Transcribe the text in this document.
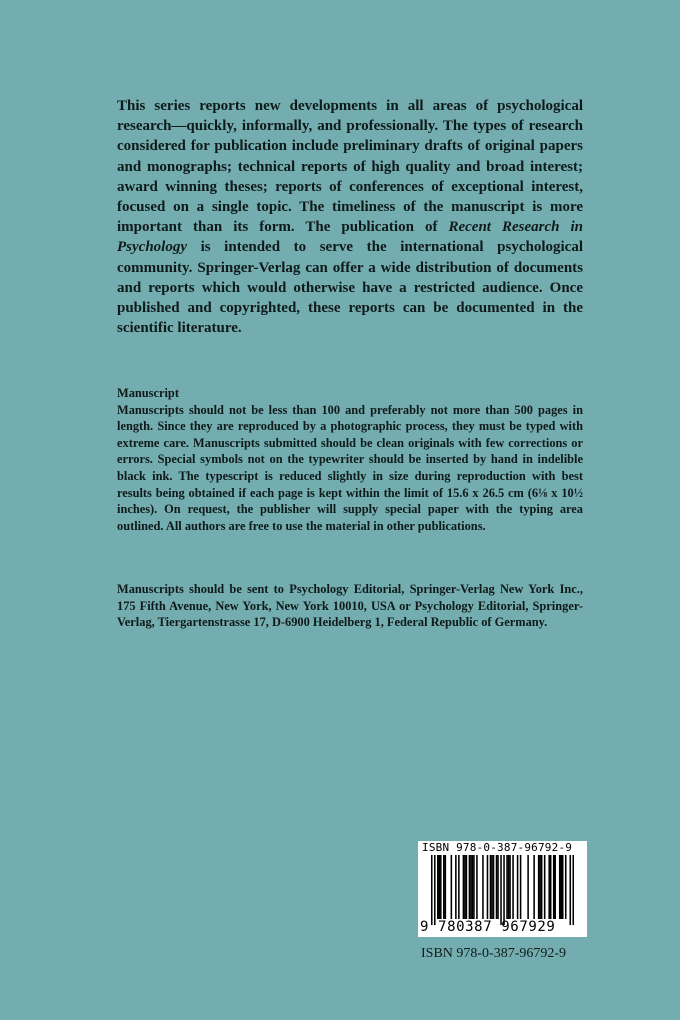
This series reports new developments in all areas of psychological research—quickly, informally, and professionally. The types of research considered for publication include preliminary drafts of original papers and monographs; technical reports of high quality and broad interest; award winning theses; reports of conferences of exceptional interest, focused on a single topic. The timeliness of the manuscript is more important than its form. The publication of Recent Research in Psychology is intended to serve the international psychological community. Springer-Verlag can offer a wide distribution of documents and reports which would otherwise have a restricted audience. Once published and copyrighted, these reports can be documented in the scientific literature.

Manuscript

Manuscripts should not be less than 100 and preferably not more than 500 pages in length. Since they are reproduced by a photographic process, they must be typed with extreme care. Manuscripts submitted should be clean originals with few corrections or errors. Special symbols not on the typewriter should be inserted by hand in indelible black ink. The typescript is reduced slightly in size during reproduction with best results being obtained if each page is kept within the limit of 15.6 x 26.5 cm (6⅛ x 10½ inches). On request, the publisher will supply special paper with the typing area outlined. All authors are free to use the material in other publications.

Manuscripts should be sent to Psychology Editorial, Springer-Verlag New York Inc., 175 Fifth Avenue, New York, New York 10010, USA or Psychology Editorial, Springer-Verlag, Tiergartenstrasse 17, D-6900 Heidelberg 1, Federal Republic of Germany.

ISBN 978-0-387-96792-9
9 780387 967929
ISBN 978-0-387-96792-9
